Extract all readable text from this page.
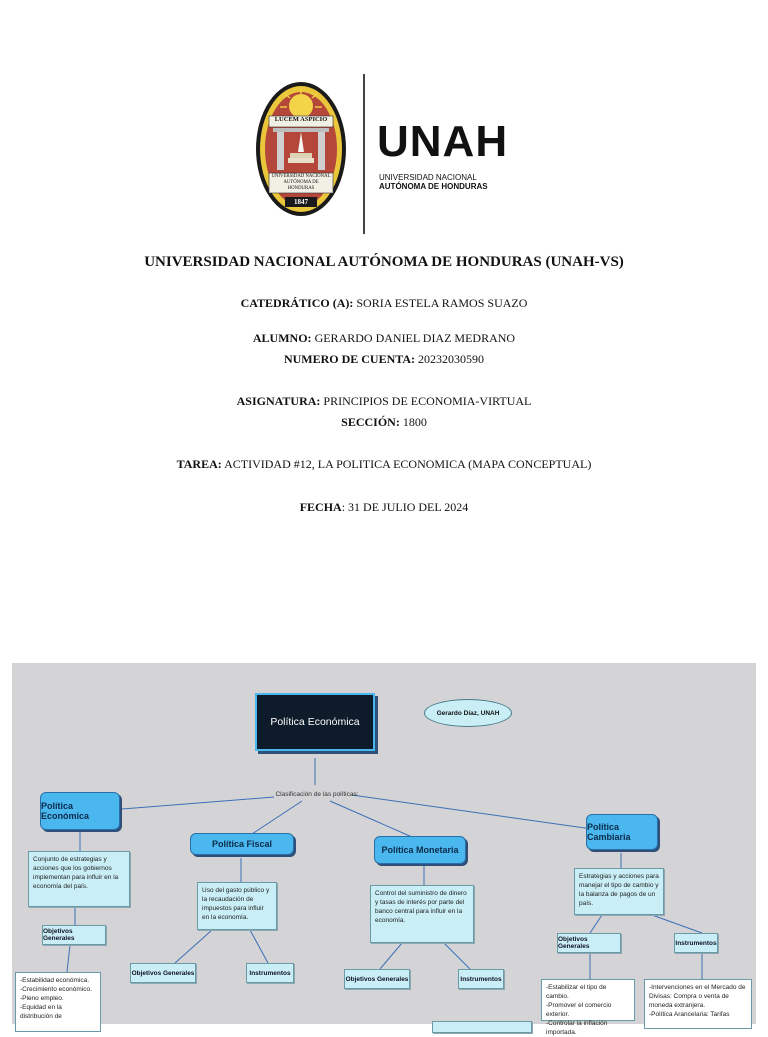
LUCEM ASPICIO
UNIVERSIDAD NACIONAL AUTÓNOMA DE HONDURAS
1847
UNAH
UNIVERSIDAD NACIONAL
AUTÓNOMA DE HONDURAS
UNIVERSIDAD NACIONAL AUTÓNOMA DE HONDURAS (UNAH-VS)
CATEDRÁTICO (A): SORIA ESTELA RAMOS SUAZO
ALUMNO: GERARDO DANIEL DIAZ MEDRANO
NUMERO DE CUENTA: 20232030590
ASIGNATURA: PRINCIPIOS DE ECONOMIA-VIRTUAL
SECCIÓN: 1800
TAREA: ACTIVIDAD #12, LA POLITICA ECONOMICA (MAPA CONCEPTUAL)
FECHA: 31 DE JULIO DEL 2024
Política Económica
Gerardo Díaz, UNAH
Clasificación de las políticas:
Política Económica
Conjunto de estrategias y acciones que los gobiernos implementan para influir en la economía del país.
Objetivos Generales
-Estabilidad económica.
-Crecimiento económico.
-Pleno empleo.
-Equidad en la distribución de
Política Fiscal
Uso del gasto público y la recaudación de impuestos para influir en la economía.
Objetivos Generales	Instrumentos
Política Monetaria
Control del suministro de dinero y tasas de interés por parte del banco central para influir en la economía.
Objetivos Generales	Instrumentos
Política Cambiaria
Estrategias y acciones para manejar el tipo de cambio y la balanza de pagos de un país.
Objetivos Generales	Instrumentos
-Estabilizar el tipo de cambio.
-Promover el comercio exterior.
-Controlar la inflación importada.
-Intervenciones en el Mercado de Divisas: Compra o venta de moneda extranjera.
-Política Arancelaria: Tarifas
